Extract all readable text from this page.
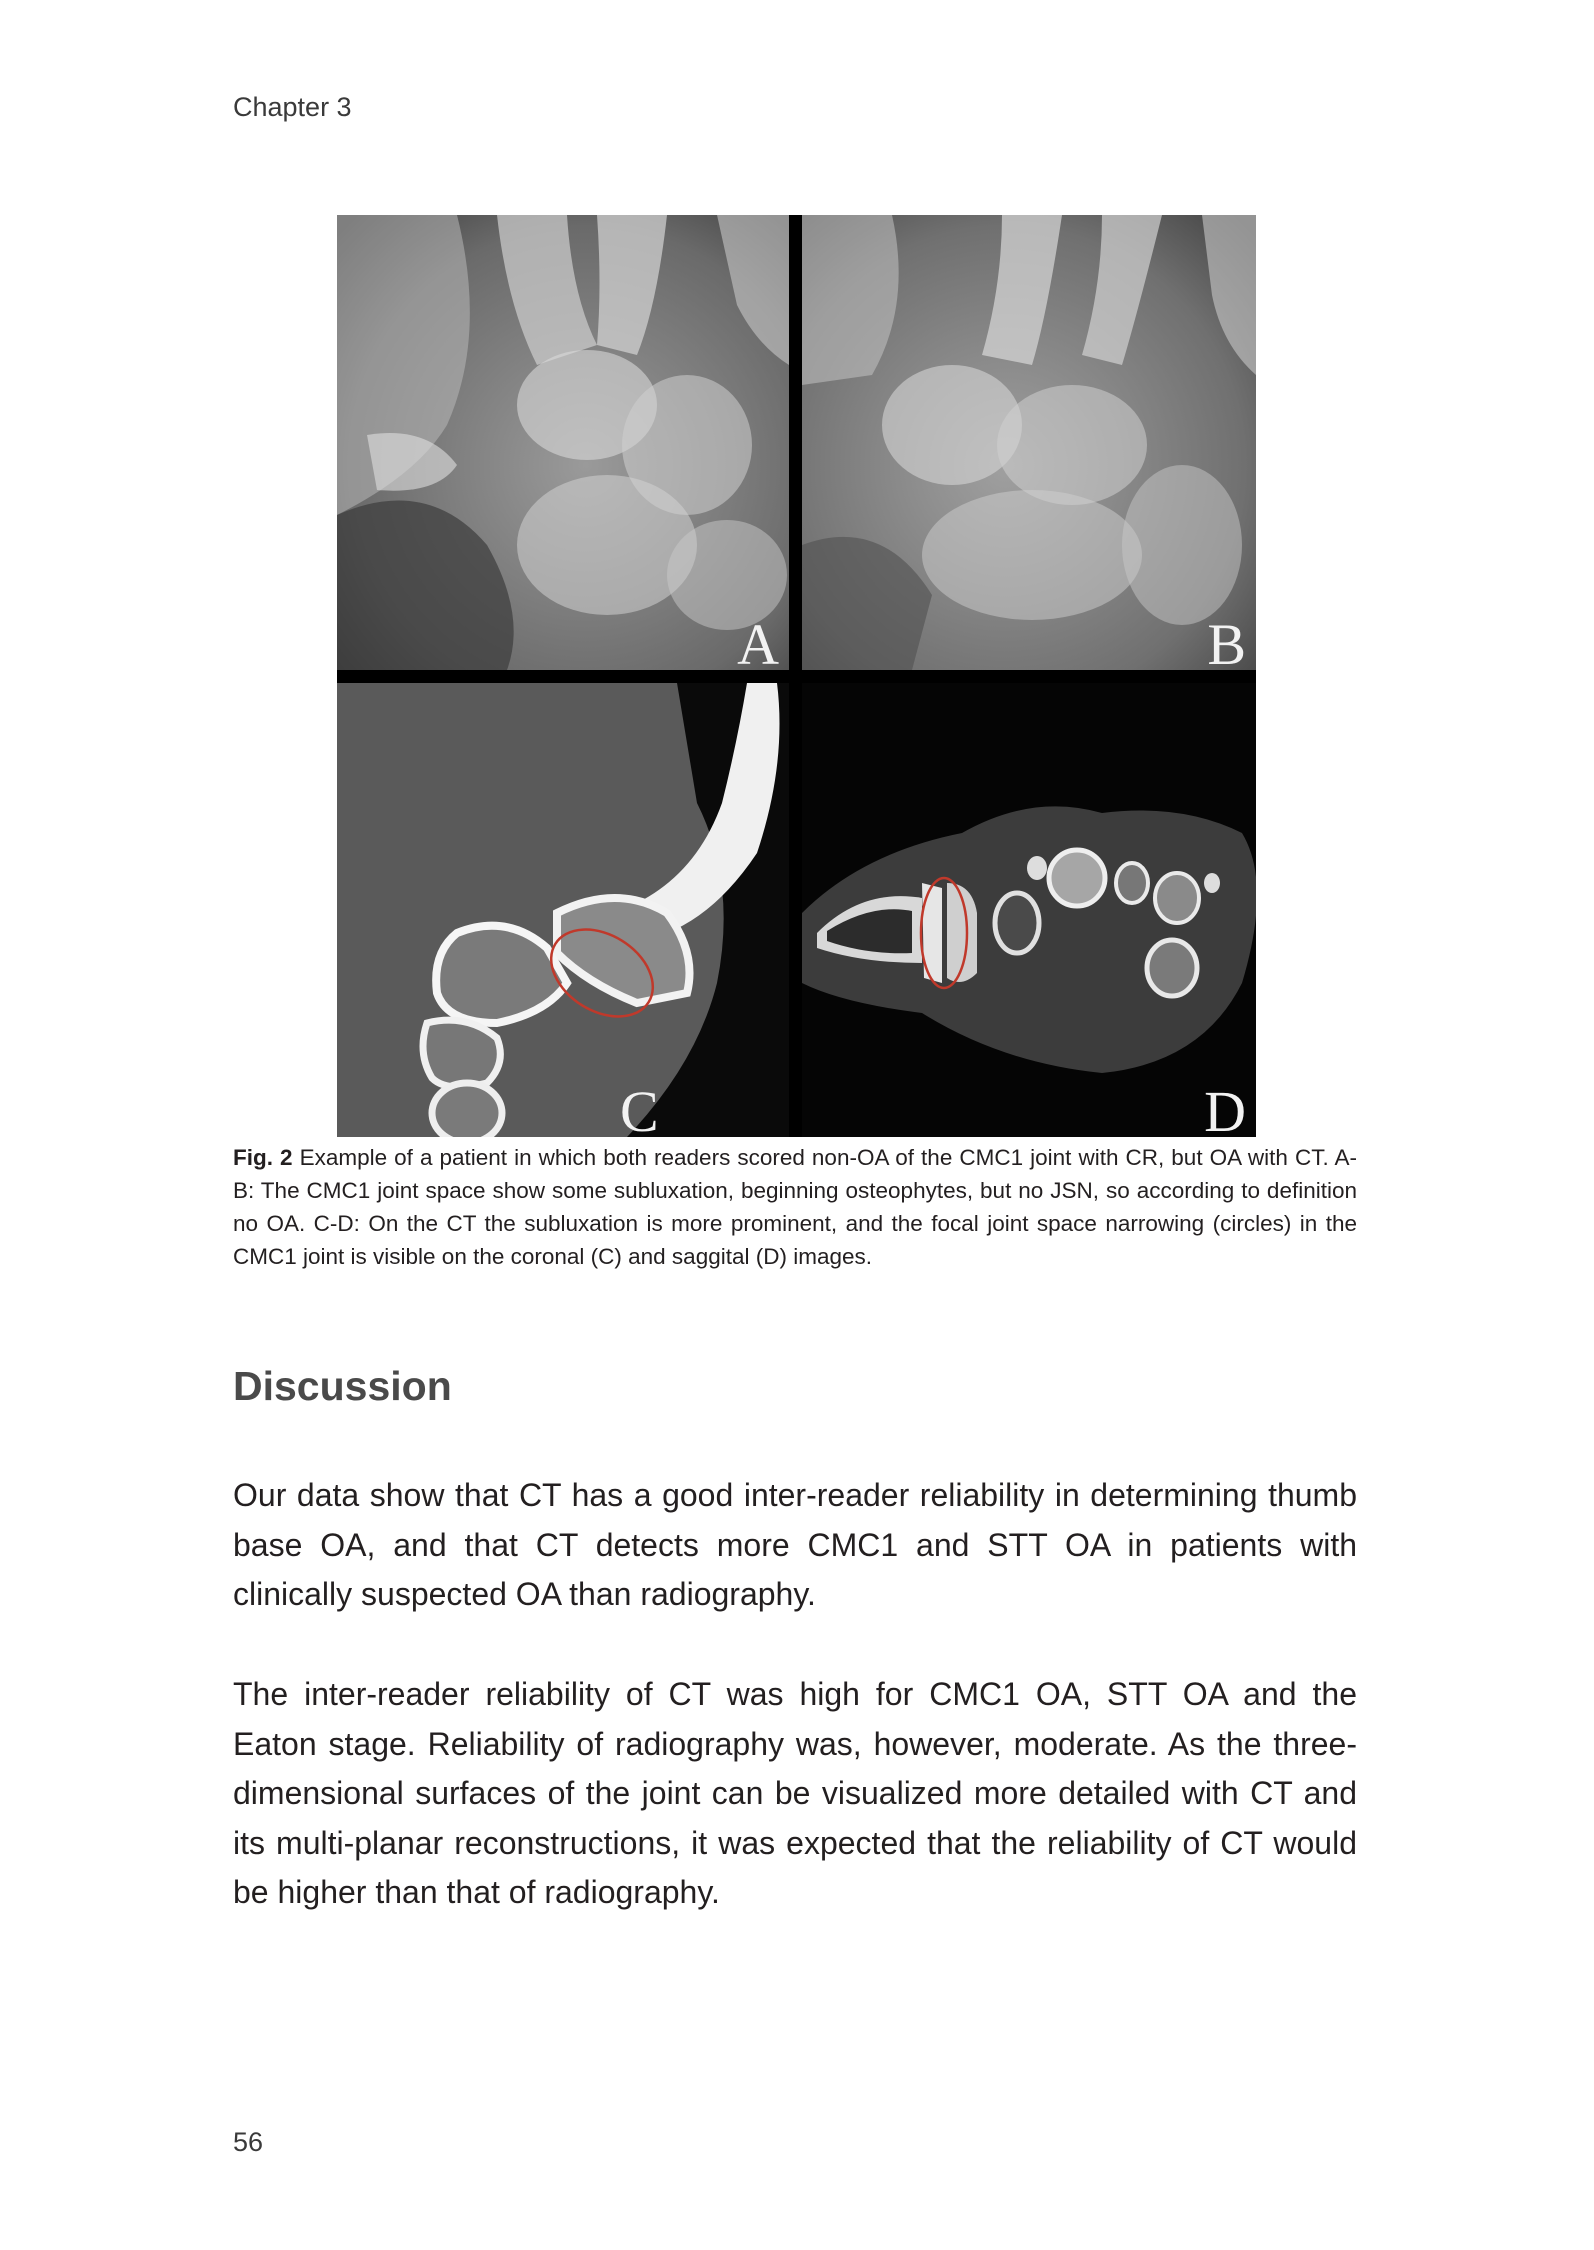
Chapter 3
A	B
C	D

Fig. 2 Example of a patient in which both readers scored non-OA of the CMC1 joint with CR, but OA with CT. A-B: The CMC1 joint space show some subluxation, beginning osteophytes, but no JSN, so according to definition no OA. C-D: On the CT the subluxation is more prominent, and the focal joint space narrowing (circles) in the CMC1 joint is visible on the coronal (C) and saggital (D) images.

Discussion

Our data show that CT has a good inter-reader reliability in determining thumb base OA, and that CT detects more CMC1 and STT OA in patients with clinically suspected OA than radiography.

The inter-reader reliability of CT was high for CMC1 OA, STT OA and the Eaton stage. Reliability of radiography was, however, moderate. As the three-dimensional surfaces of the joint can be visualized more detailed with CT and its multi-planar reconstructions, it was expected that the reliability of CT would be higher than that of radiography.

56
